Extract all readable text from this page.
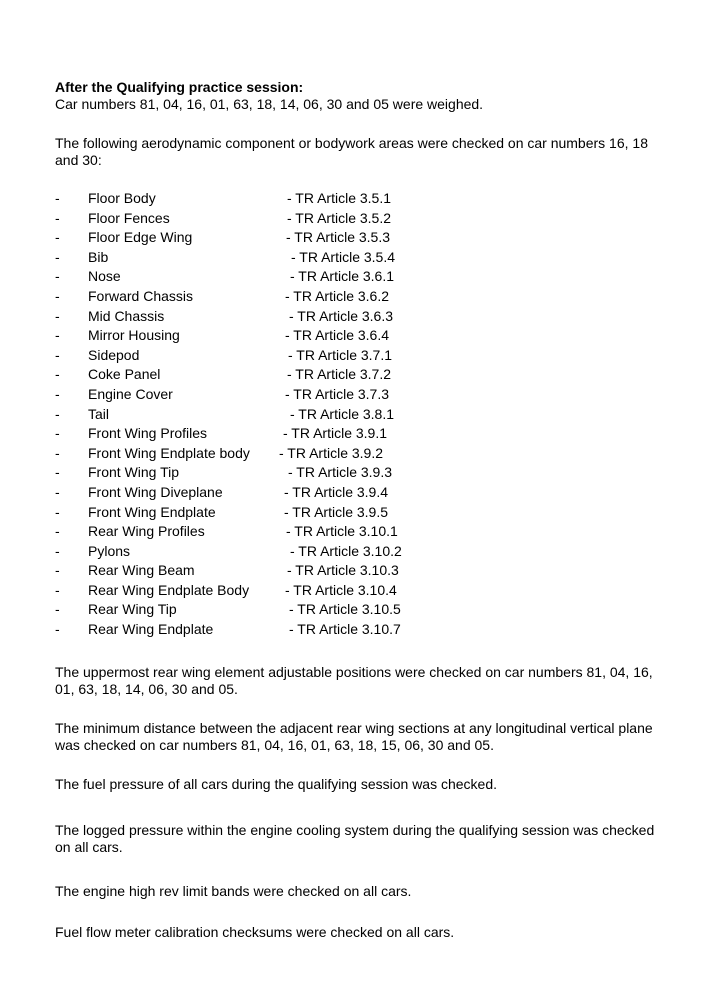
After the Qualifying practice session:

Car numbers 81, 04, 16, 01, 63, 18, 14, 06, 30 and 05 were weighed.

The following aerodynamic component or bodywork areas were checked on car numbers 16, 18 and 30:

- Floor Body	- TR Article 3.5.1
- Floor Fences	- TR Article 3.5.2
- Floor Edge Wing	- TR Article 3.5.3
- Bib	- TR Article 3.5.4
- Nose	- TR Article 3.6.1
- Forward Chassis	- TR Article 3.6.2
- Mid Chassis	- TR Article 3.6.3
- Mirror Housing	- TR Article 3.6.4
- Sidepod	- TR Article 3.7.1
- Coke Panel	- TR Article 3.7.2
- Engine Cover	- TR Article 3.7.3
- Tail	- TR Article 3.8.1
- Front Wing Profiles	- TR Article 3.9.1
- Front Wing Endplate body - TR Article 3.9.2
- Front Wing Tip	- TR Article 3.9.3
- Front Wing Diveplane	- TR Article 3.9.4
- Front Wing Endplate	- TR Article 3.9.5
- Rear Wing Profiles	- TR Article 3.10.1
- Pylons	- TR Article 3.10.2
- Rear Wing Beam	- TR Article 3.10.3
- Rear Wing Endplate Body	- TR Article 3.10.4
- Rear Wing Tip	- TR Article 3.10.5
- Rear Wing Endplate	- TR Article 3.10.7

The uppermost rear wing element adjustable positions were checked on car numbers 81, 04, 16, 01, 63, 18, 14, 06, 30 and 05.

The minimum distance between the adjacent rear wing sections at any longitudinal vertical plane was checked on car numbers 81, 04, 16, 01, 63, 18, 15, 06, 30 and 05.

The fuel pressure of all cars during the qualifying session was checked.

The logged pressure within the engine cooling system during the qualifying session was checked on all cars.

The engine high rev limit bands were checked on all cars.

Fuel flow meter calibration checksums were checked on all cars.
